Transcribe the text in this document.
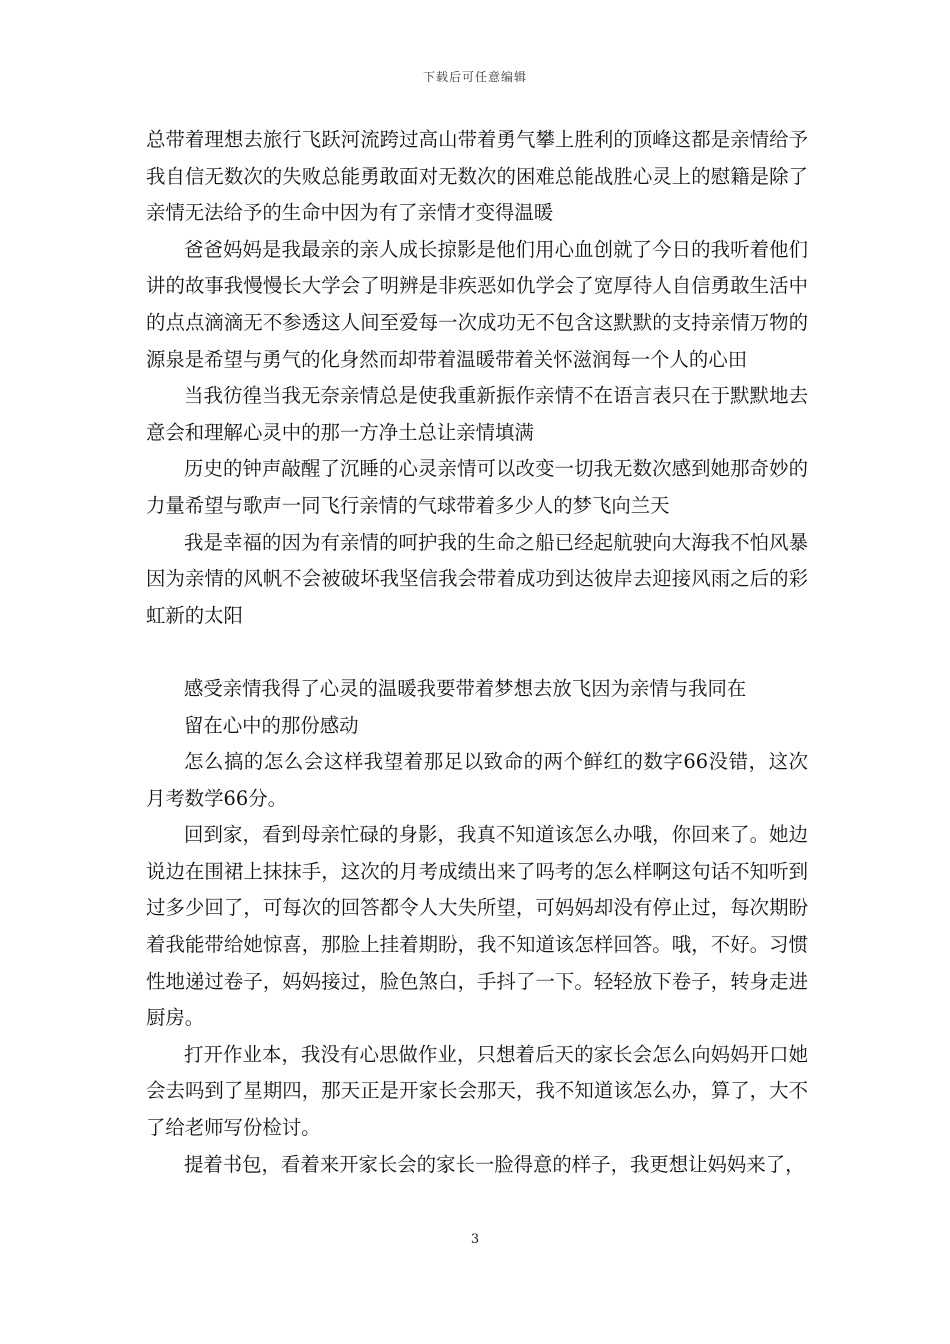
下载后可任意编辑

总带着理想去旅行飞跃河流跨过高山带着勇气攀上胜利的顶峰这都是亲情给予我自信无数次的失败总能勇敢面对无数次的困难总能战胜心灵上的慰籍是除了亲情无法给予的生命中因为有了亲情才变得温暖

爸爸妈妈是我最亲的亲人成长掠影是他们用心血创就了今日的我听着他们讲的故事我慢慢长大学会了明辨是非疾恶如仇学会了宽厚待人自信勇敢生活中的点点滴滴无不参透这人间至爱每一次成功无不包含这默默的支持亲情万物的源泉是希望与勇气的化身然而却带着温暖带着关怀滋润每一个人的心田

当我彷徨当我无奈亲情总是使我重新振作亲情不在语言表只在于默默地去意会和理解心灵中的那一方净土总让亲情填满

历史的钟声敲醒了沉睡的心灵亲情可以改变一切我无数次感到她那奇妙的力量希望与歌声一同飞行亲情的气球带着多少人的梦飞向兰天

我是幸福的因为有亲情的呵护我的生命之船已经起航驶向大海我不怕风暴因为亲情的风帆不会被破坏我坚信我会带着成功到达彼岸去迎接风雨之后的彩虹新的太阳

感受亲情我得了心灵的温暖我要带着梦想去放飞因为亲情与我同在

留在心中的那份感动

怎么搞的怎么会这样我望着那足以致命的两个鲜红的数字66没错，这次月考数学66分。

回到家，看到母亲忙碌的身影，我真不知道该怎么办哦，你回来了。她边说边在围裙上抹抹手，这次的月考成绩出来了吗考的怎么样啊这句话不知听到过多少回了，可每次的回答都令人大失所望，可妈妈却没有停止过，每次期盼着我能带给她惊喜，那脸上挂着期盼，我不知道该怎样回答。哦，不好。习惯性地递过卷子，妈妈接过，脸色煞白，手抖了一下。轻轻放下卷子，转身走进厨房。

打开作业本，我没有心思做作业，只想着后天的家长会怎么向妈妈开口她会去吗到了星期四，那天正是开家长会那天，我不知道该怎么办，算了，大不了给老师写份检讨。

提着书包，看着来开家长会的家长一脸得意的样子，我更想让妈妈来了，

3
